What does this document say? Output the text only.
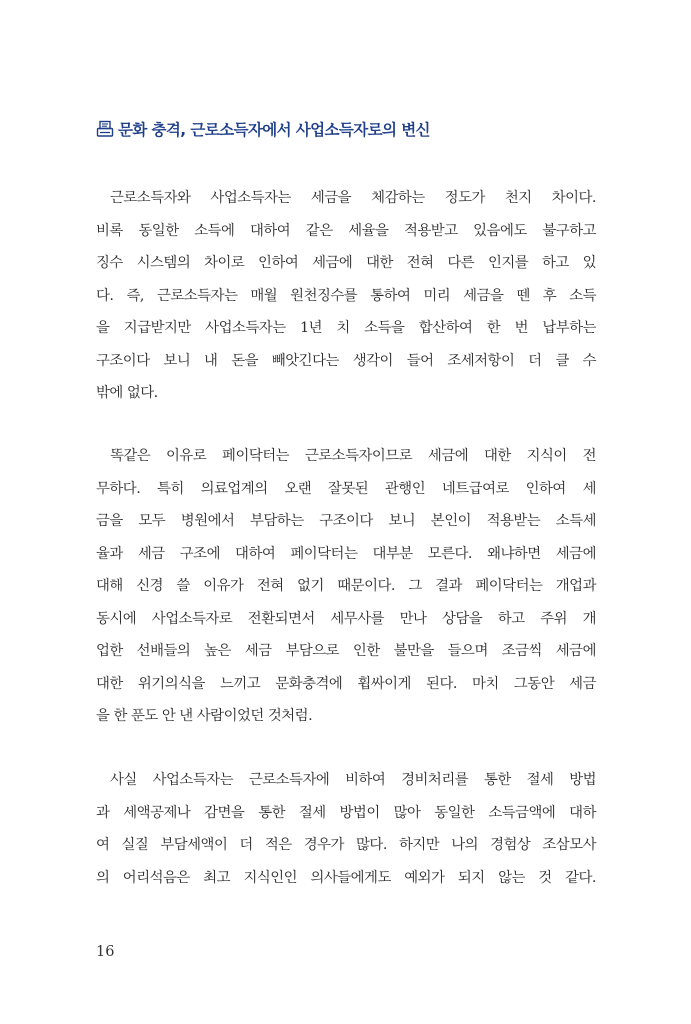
문화 충격, 근로소득자에서 사업소득자로의 변신
근로소득자와 사업소득자는 세금을 체감하는 정도가 천지 차이다.
비록 동일한 소득에 대하여 같은 세율을 적용받고 있음에도 불구하고
징수 시스템의 차이로 인하여 세금에 대한 전혀 다른 인지를 하고 있
다. 즉, 근로소득자는 매월 원천징수를 통하여 미리 세금을 뗀 후 소득
을 지급받지만 사업소득자는 1년 치 소득을 합산하여 한 번 납부하는
구조이다 보니 내 돈을 빼앗긴다는 생각이 들어 조세저항이 더 클 수
밖에 없다.
똑같은 이유로 페이닥터는 근로소득자이므로 세금에 대한 지식이 전
무하다. 특히 의료업계의 오랜 잘못된 관행인 네트급여로 인하여 세
금을 모두 병원에서 부담하는 구조이다 보니 본인이 적용받는 소득세
율과 세금 구조에 대하여 페이닥터는 대부분 모른다. 왜냐하면 세금에
대해 신경 쓸 이유가 전혀 없기 때문이다. 그 결과 페이닥터는 개업과
동시에 사업소득자로 전환되면서 세무사를 만나 상담을 하고 주위 개
업한 선배들의 높은 세금 부담으로 인한 불만을 들으며 조금씩 세금에
대한 위기의식을 느끼고 문화충격에 휩싸이게 된다. 마치 그동안 세금
을 한 푼도 안 낸 사람이었던 것처럼.
사실 사업소득자는 근로소득자에 비하여 경비처리를 통한 절세 방법
과 세액공제나 감면을 통한 절세 방법이 많아 동일한 소득금액에 대하
여 실질 부담세액이 더 적은 경우가 많다. 하지만 나의 경험상 조삼모사
의 어리석음은 최고 지식인인 의사들에게도 예외가 되지 않는 것 같다.
16
